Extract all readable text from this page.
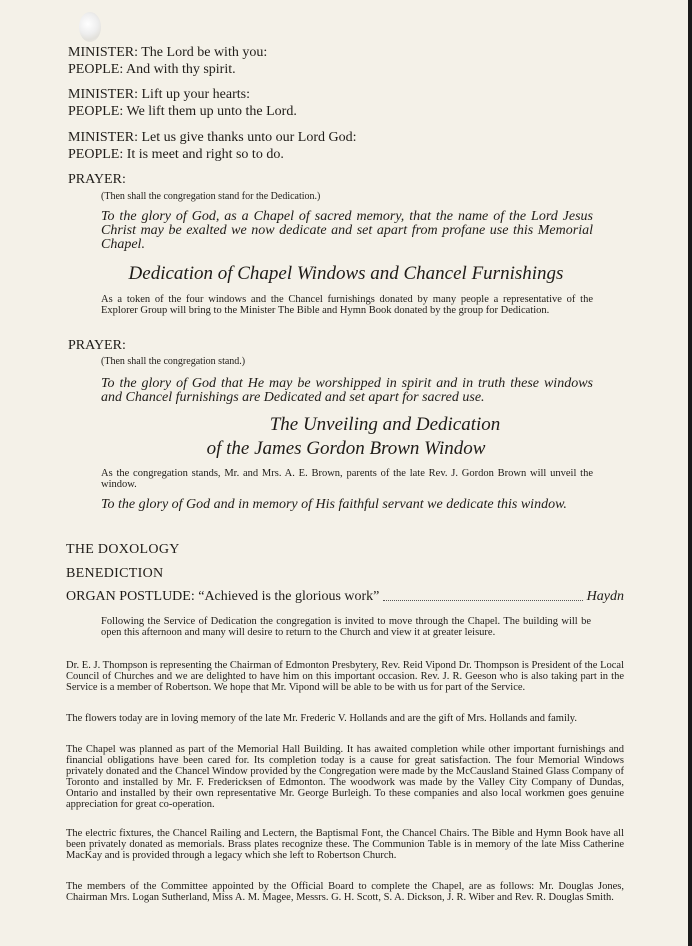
MINISTER: The Lord be with you:
PEOPLE: And with thy spirit.
MINISTER: Lift up your hearts:
PEOPLE: We lift them up unto the Lord.
MINISTER: Let us give thanks unto our Lord God:
PEOPLE: It is meet and right so to do.
PRAYER:
(Then shall the congregation stand for the Dedication.)
To the glory of God, as a Chapel of sacred memory, that the name of the Lord Jesus Christ may be exalted we now dedicate and set apart from profane use this Memorial Chapel.
Dedication of Chapel Windows and Chancel Furnishings
As a token of the four windows and the Chancel furnishings donated by many people a representative of the Explorer Group will bring to the Minister The Bible and Hymn Book donated by the group for Dedication.
PRAYER:
(Then shall the congregation stand.)
To the glory of God that He may be worshipped in spirit and in truth these windows and Chancel furnishings are Dedicated and set apart for sacred use.
The Unveiling and Dedication
of the James Gordon Brown Window
As the congregation stands, Mr. and Mrs. A. E. Brown, parents of the late Rev. J. Gordon Brown will unveil the window.
To the glory of God and in memory of His faithful servant we dedicate this window.
THE DOXOLOGY
BENEDICTION
ORGAN POSTLUDE: “Achieved is the glorious work”	Haydn
Following the Service of Dedication the congregation is invited to move through the Chapel. The building will be open this afternoon and many will desire to return to the Church and view it at greater leisure.
Dr. E. J. Thompson is representing the Chairman of Edmonton Presbytery, Rev. Reid Vipond Dr. Thompson is President of the Local Council of Churches and we are delighted to have him on this important occasion. Rev. J. R. Geeson who is also taking part in the Service is a member of Robertson. We hope that Mr. Vipond will be able to be with us for part of the Service.
The flowers today are in loving memory of the late Mr. Frederic V. Hollands and are the gift of Mrs. Hollands and family.
The Chapel was planned as part of the Memorial Hall Building. It has awaited completion while other important furnishings and financial obligations have been cared for. Its completion today is a cause for great satisfaction. The four Memorial Windows privately donated and the Chancel Window provided by the Congregation were made by the McCausland Stained Glass Company of Toronto and installed by Mr. F. Fredericksen of Edmonton. The woodwork was made by the Valley City Company of Dundas, Ontario and installed by their own representative Mr. George Burleigh. To these companies and also local workmen goes genuine appreciation for great co-operation.
The electric fixtures, the Chancel Railing and Lectern, the Baptismal Font, the Chancel Chairs. The Bible and Hymn Book have all been privately donated as memorials. Brass plates recognize these. The Communion Table is in memory of the late Miss Catherine MacKay and is provided through a legacy which she left to Robertson Church.
The members of the Committee appointed by the Official Board to complete the Chapel, are as follows: Mr. Douglas Jones, Chairman Mrs. Logan Sutherland, Miss A. M. Magee, Messrs. G. H. Scott, S. A. Dickson, J. R. Wiber and Rev. R. Douglas Smith.
